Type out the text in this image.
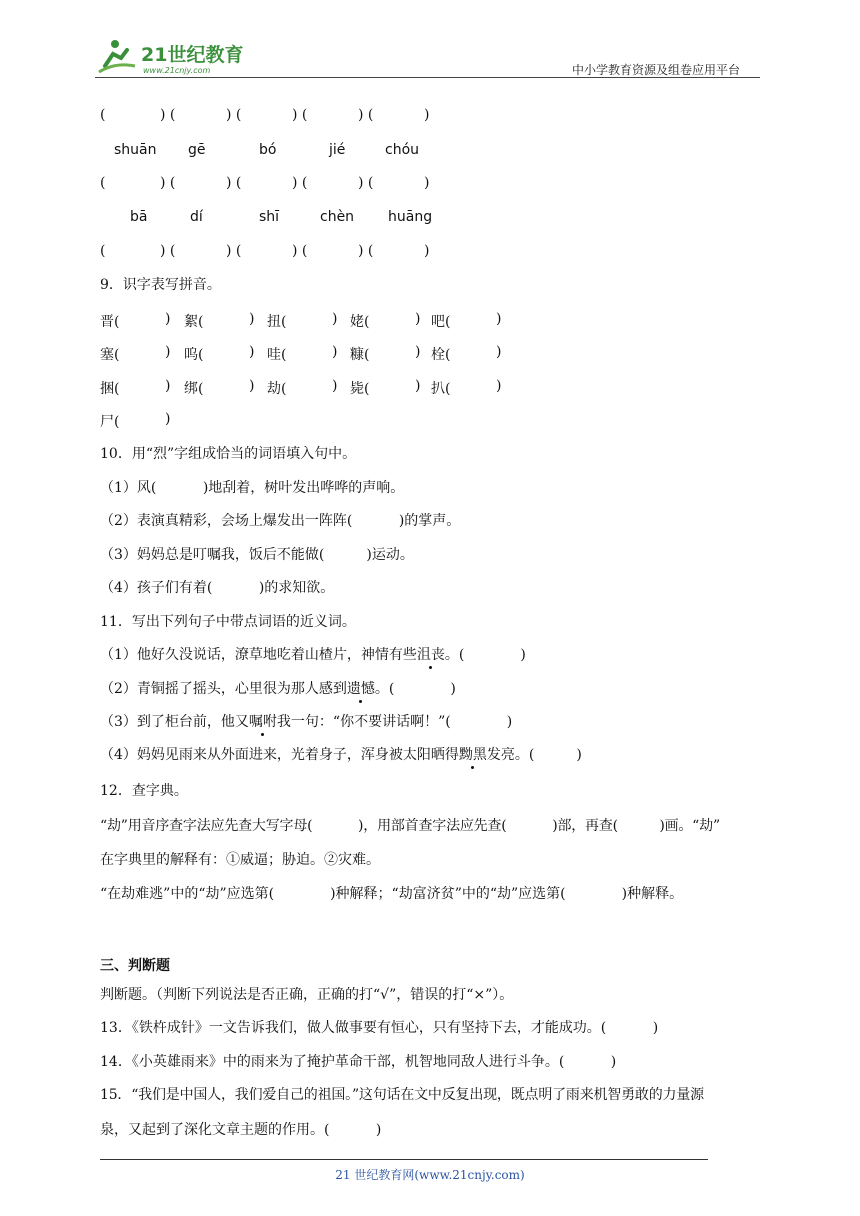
21世纪教育
www.21cnjy.com	中小学教育资源及组卷应用平台
(	) (	) (	) (	) (	)
shuān gē	bó	jié	chóu
(	) (	) (	) (	) (	)
bā	dí	shī	chèn huāng
(	) (	) (	) (	) (	)
9．识字表写拼音。
晋(	) 絮(	) 扭(	) 姥(	) 吧(	)
塞(	) 呜(	) 哇(	) 糠(	) 栓(	)
捆(	) 绑(	) 劫(	) 毙(	) 扒(	)
尸(	)
10．用“烈”字组成恰当的词语填入句中。
（1）风(　　　 )地刮着，树叶发出哗哗的声响。
（2）表演真精彩，会场上爆发出一阵阵(　　　 )的掌声。
（3）妈妈总是叮嘱我，饭后不能做(　　　)运动。
（4）孩子们有着(　　　 )的求知欲。
11．写出下列句子中带点词语的近义词。
（1）他好久没说话，潦草地吃着山楂片，神情有些沮丧。(　　　　)
（2）青铜摇了摇头，心里很为那人感到遗憾。(　　　　)
（3）到了柜台前，他又嘱咐我一句：“你不要讲话啊！”(　　　　)
（4）妈妈见雨来从外面进来，光着身子，浑身被太阳晒得黝黑发亮。(　　　)
12．查字典。
“劫”用音序查字法应先查大写字母(　　　 )，用部首查字法应先查(　　　 )部，再查(　　　)画。“劫”
在字典里的解释有：①威逼；胁迫。②灾难。
“在劫难逃”中的“劫”应选第(　　　　)种解释；“劫富济贫”中的“劫”应选第(　　　　)种解释。
三、判断题
判断题。（判断下列说法是否正确，正确的打“√”，错误的打“×”）。
13．《铁杵成针》一文告诉我们，做人做事要有恒心，只有坚持下去，才能成功。(　　　 )
14．《小英雄雨来》中的雨来为了掩护革命干部，机智地同敌人进行斗争。(　　　 )
15．“我们是中国人，我们爱自己的祖国。”这句话在文中反复出现，既点明了雨来机智勇敢的力量源
泉，又起到了深化文章主题的作用。(　　　 )
21 世纪教育网(www.21cnjy.com)
